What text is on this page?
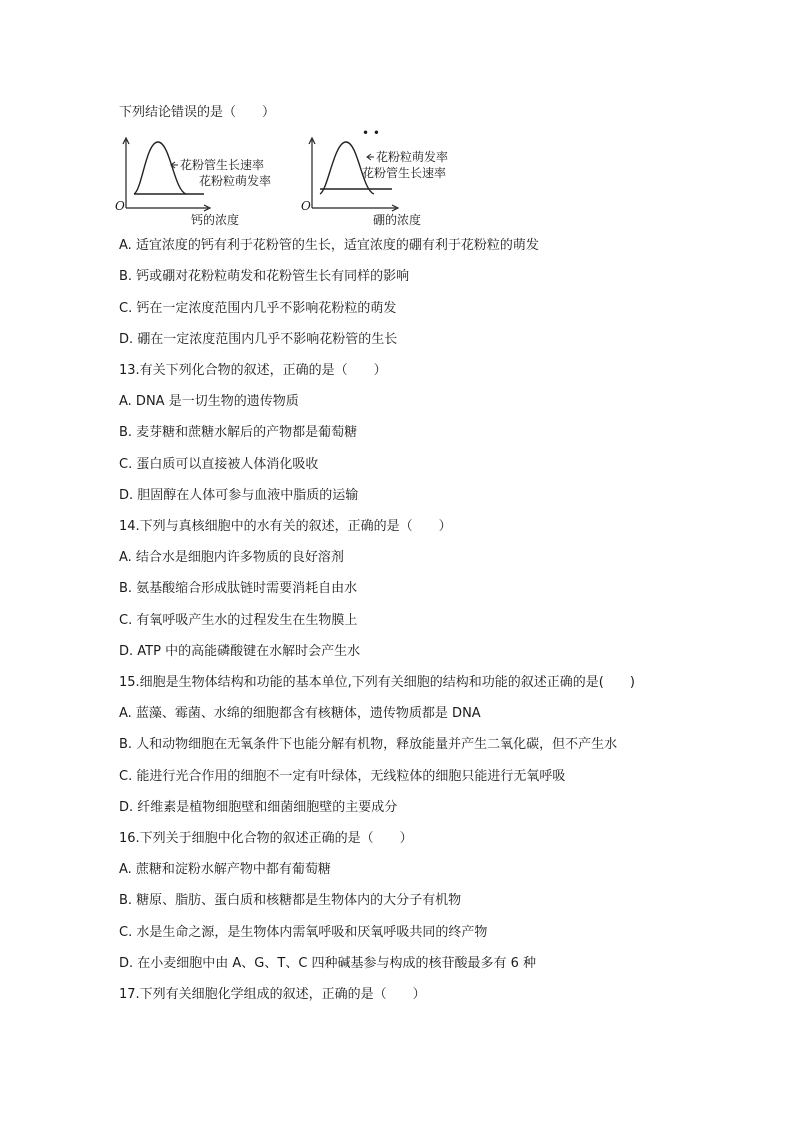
下列结论错误的是（　　）
花粉管生长速率
花粉粒萌发率
O
钙的浓度
• •
花粉粒萌发率
花粉管生长速率
O
硼的浓度
A. 适宜浓度的钙有利于花粉管的生长，适宜浓度的硼有利于花粉粒的萌发
B. 钙或硼对花粉粒萌发和花粉管生长有同样的影响
C. 钙在一定浓度范围内几乎不影响花粉粒的萌发
D. 硼在一定浓度范围内几乎不影响花粉管的生长
13.有关下列化合物的叙述，正确的是（　　）
A. DNA 是一切生物的遗传物质
B. 麦芽糖和蔗糖水解后的产物都是葡萄糖
C. 蛋白质可以直接被人体消化吸收
D. 胆固醇在人体可参与血液中脂质的运输
14.下列与真核细胞中的水有关的叙述，正确的是（　　）
A. 结合水是细胞内许多物质的良好溶剂
B. 氨基酸缩合形成肽链时需要消耗自由水
C. 有氧呼吸产生水的过程发生在生物膜上
D. ATP 中的高能磷酸键在水解时会产生水
15.细胞是生物体结构和功能的基本单位,下列有关细胞的结构和功能的叙述正确的是(　　)
A. 蓝藻、霉菌、水绵的细胞都含有核糖体，遗传物质都是 DNA
B. 人和动物细胞在无氧条件下也能分解有机物，释放能量并产生二氧化碳，但不产生水
C. 能进行光合作用的细胞不一定有叶绿体，无线粒体的细胞只能进行无氧呼吸
D. 纤维素是植物细胞壁和细菌细胞壁的主要成分
16.下列关于细胞中化合物的叙述正确的是（　　）
A. 蔗糖和淀粉水解产物中都有葡萄糖
B. 糖原、脂肪、蛋白质和核糖都是生物体内的大分子有机物
C. 水是生命之源，是生物体内需氧呼吸和厌氧呼吸共同的终产物
D. 在小麦细胞中由 A、G、T、C 四种碱基参与构成的核苷酸最多有 6 种
17.下列有关细胞化学组成的叙述，正确的是（　　）
